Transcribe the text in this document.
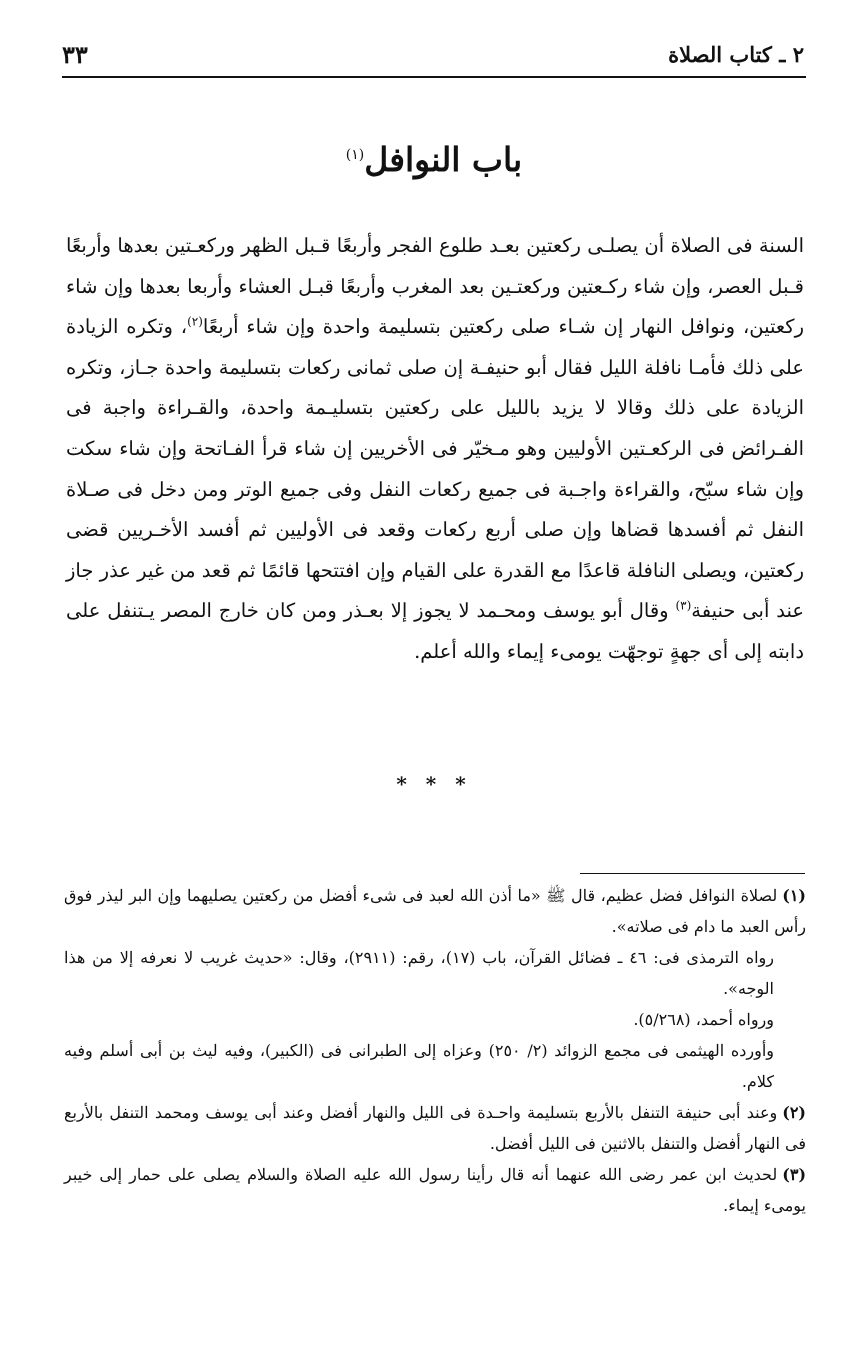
٢ ـ كتاب الصلاة
٣٣
باب النوافل$^{(١)}$

السنة فى الصلاة أن يصلـى ركعتين بعـد طلوع الفجر وأربعًا قـبل الظهر وركعـتين بعدها وأربعًا قـبل العصر، وإن شاء ركـعتين وركعتـين بعد المغرب وأربعًا قبـل العشاء وأربعا بعدها وإن شاء ركعتين، ونوافل النهار إن شـاء صلى ركعتين بتسليمة واحدة وإن شاء أربعًا$^{(٢)}$، وتكره الزيادة على ذلك فأمـا نافلة الليل فقال أبو حنيفـة إن صلى ثمانى ركعات بتسليمة واحدة جـاز، وتكره الزيادة على ذلك وقالا لا يزيد بالليل على ركعتين بتسليـمة واحدة، والقـراءة واجبة فى الفـرائض فى الركعـتين الأوليين وهو مـخيّر فى الأخريين إن شاء قرأ الفـاتحة وإن شاء سكت وإن شاء سبّح، والقراءة واجـبة فى جميع ركعات النفل وفى جميع الوتر ومن دخل فى صـلاة النفل ثم أفسدها قضاها وإن صلى أربع ركعات وقعد فى الأوليين ثم أفسد الأخـريين قضى ركعتين، ويصلى النافلة قاعدًا مع القدرة على القيام وإن افتتحها قائمًا ثم قعد من غير عذر جاز عند أبى حنيفة$^{(٣)}$ وقال أبو يوسف ومحـمد لا يجوز إلا بعـذر ومن كان خارج المصر يـتنفل على دابته إلى أى جهةٍ توجهّت يومىء إيماء والله أعلم.

* * *

(١)لصلاة النوافل فضل عظيم، قال ﷺ «ما أذن الله لعبد فى شىء أفضل من ركعتين يصليهما وإن البر ليذر فوق رأس العبد ما دام فى صلاته».

رواه الترمذى فى: ٤٦ ـ فضائل القرآن، باب (١٧)، رقم: (٢٩١١)، وقال: «حديث غريب لا نعرفه إلا من هذا الوجه».

ورواه أحمد، (٥/٢٦٨).

وأورده الهيثمى فى مجمع الزوائد (٢/ ٢٥٠) وعزاه إلى الطبرانى فى (الكبير)، وفيه ليث بن أبى أسلم وفيه كلام.

(٢)وعند أبى حنيفة التنفل بالأربع بتسليمة واحـدة فى الليل والنهار أفضل وعند أبى يوسف ومحمد التنفل بالأربع فى النهار أفضل والتنفل بالاثنين فى الليل أفضل.

(٣)لحديث ابن عمر رضى الله عنهما أنه قال رأينا رسول الله عليه الصلاة والسلام يصلى على حمار إلى خيبر يومىء إيماء.
